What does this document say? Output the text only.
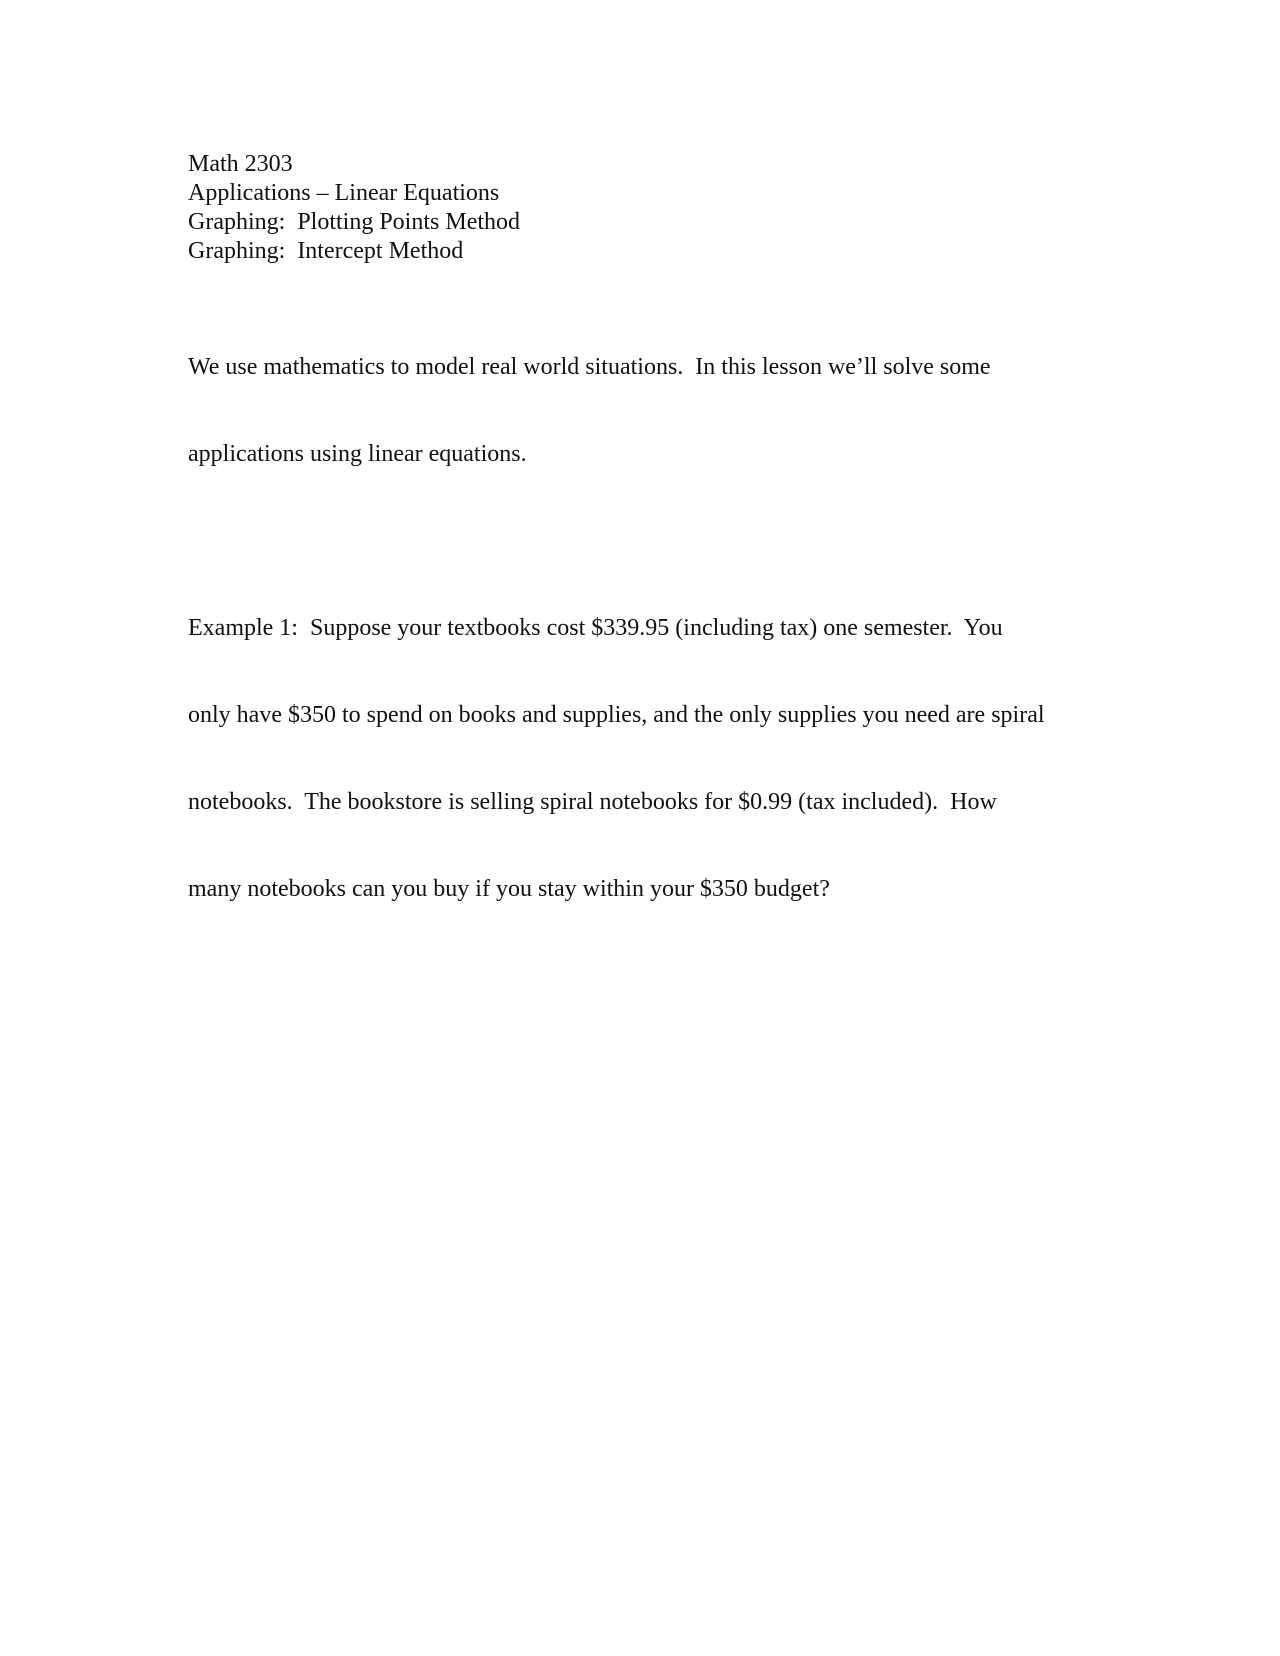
Math 2303
Applications – Linear Equations
Graphing:  Plotting Points Method
Graphing:  Intercept Method

We use mathematics to model real world situations.  In this lesson we’ll solve some

applications using linear equations.

Example 1:  Suppose your textbooks cost $339.95 (including tax) one semester.  You

only have $350 to spend on books and supplies, and the only supplies you need are spiral

notebooks.  The bookstore is selling spiral notebooks for $0.99 (tax included).  How

many notebooks can you buy if you stay within your $350 budget?
